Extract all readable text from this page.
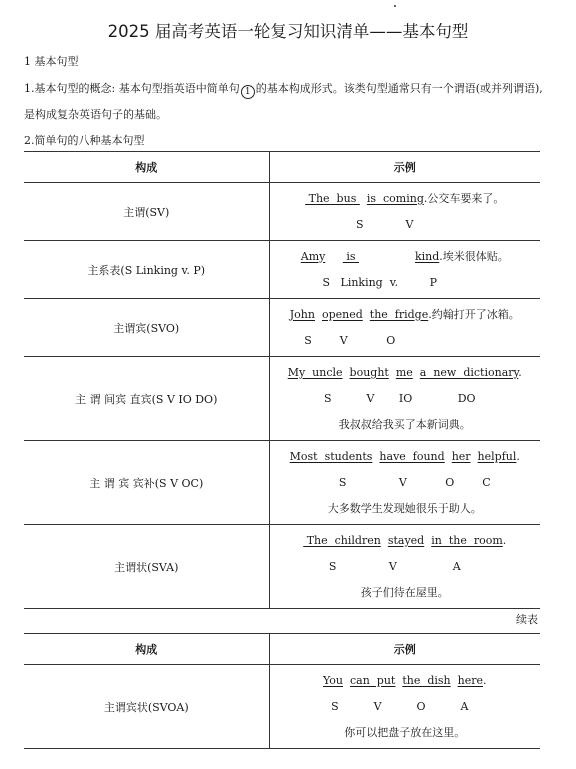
2025 届高考英语一轮复习知识清单——基本句型
1 基本句型
1.基本句型的概念: 基本句型指英语中简单句 1 的基本构成形式。该类句型通常只有一个谓语(或并列谓语),
是构成复杂英语句子的基础。
2.简单句的八种基本句型
构成	示例
主谓(SV)	The  bus   is  coming.公交车要来了。
S            V

主系表(S Linking v. P)	Amy      is kind.埃米很体贴。
S   Linking  v.         P

主谓宾(SVO)	John opened the  fridge.约翰打开了冰箱。
S        V           O

主 谓 间宾 直宾(S V IO DO)	My  uncle bought me a  new  dictionary.
S          V       IO             DO
我叔叔给我买了本新词典。

主 谓 宾 宾补(S V OC)	Most  students have  found her helpful.
S               V           O        C
大多数学生发现她很乐于助人。

主谓状(SVA)	The  children stayed in  the  room.
S               V                A
孩子们待在屋里。
续表
构成	示例
主谓宾状(SVOA)	You can  put the  dish here.
S          V          O          A
你可以把盘子放在这里。
